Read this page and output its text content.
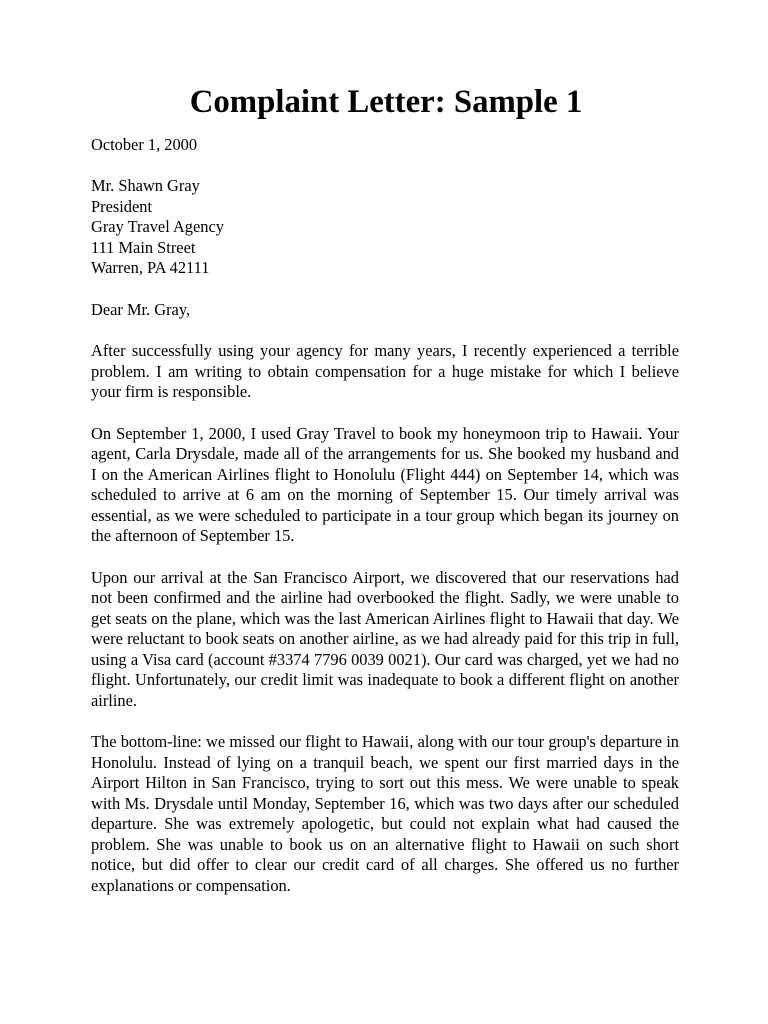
Complaint Letter: Sample 1
October 1, 2000
Mr. Shawn Gray
President
Gray Travel Agency
111 Main Street
Warren, PA 42111
Dear Mr. Gray,

After successfully using your agency for many years, I recently experienced a terrible problem. I am writing to obtain compensation for a huge mistake for which I believe your firm is responsible.

On September 1, 2000, I used Gray Travel to book my honeymoon trip to Hawaii. Your agent, Carla Drysdale, made all of the arrangements for us. She booked my husband and I on the American Airlines flight to Honolulu (Flight 444) on September 14, which was scheduled to arrive at 6 am on the morning of September 15. Our timely arrival was essential, as we were scheduled to participate in a tour group which began its journey on the afternoon of September 15.

Upon our arrival at the San Francisco Airport, we discovered that our reservations had not been confirmed and the airline had overbooked the flight. Sadly, we were unable to get seats on the plane, which was the last American Airlines flight to Hawaii that day. We were reluctant to book seats on another airline, as we had already paid for this trip in full, using a Visa card (account #3374 7796 0039 0021). Our card was charged, yet we had no flight. Unfortunately, our credit limit was inadequate to book a different flight on another airline.

The bottom-line: we missed our flight to Hawaii, along with our tour group's departure in Honolulu. Instead of lying on a tranquil beach, we spent our first married days in the Airport Hilton in San Francisco, trying to sort out this mess. We were unable to speak with Ms. Drysdale until Monday, September 16, which was two days after our scheduled departure. She was extremely apologetic, but could not explain what had caused the problem. She was unable to book us on an alternative flight to Hawaii on such short notice, but did offer to clear our credit card of all charges. She offered us no further explanations or compensation.
